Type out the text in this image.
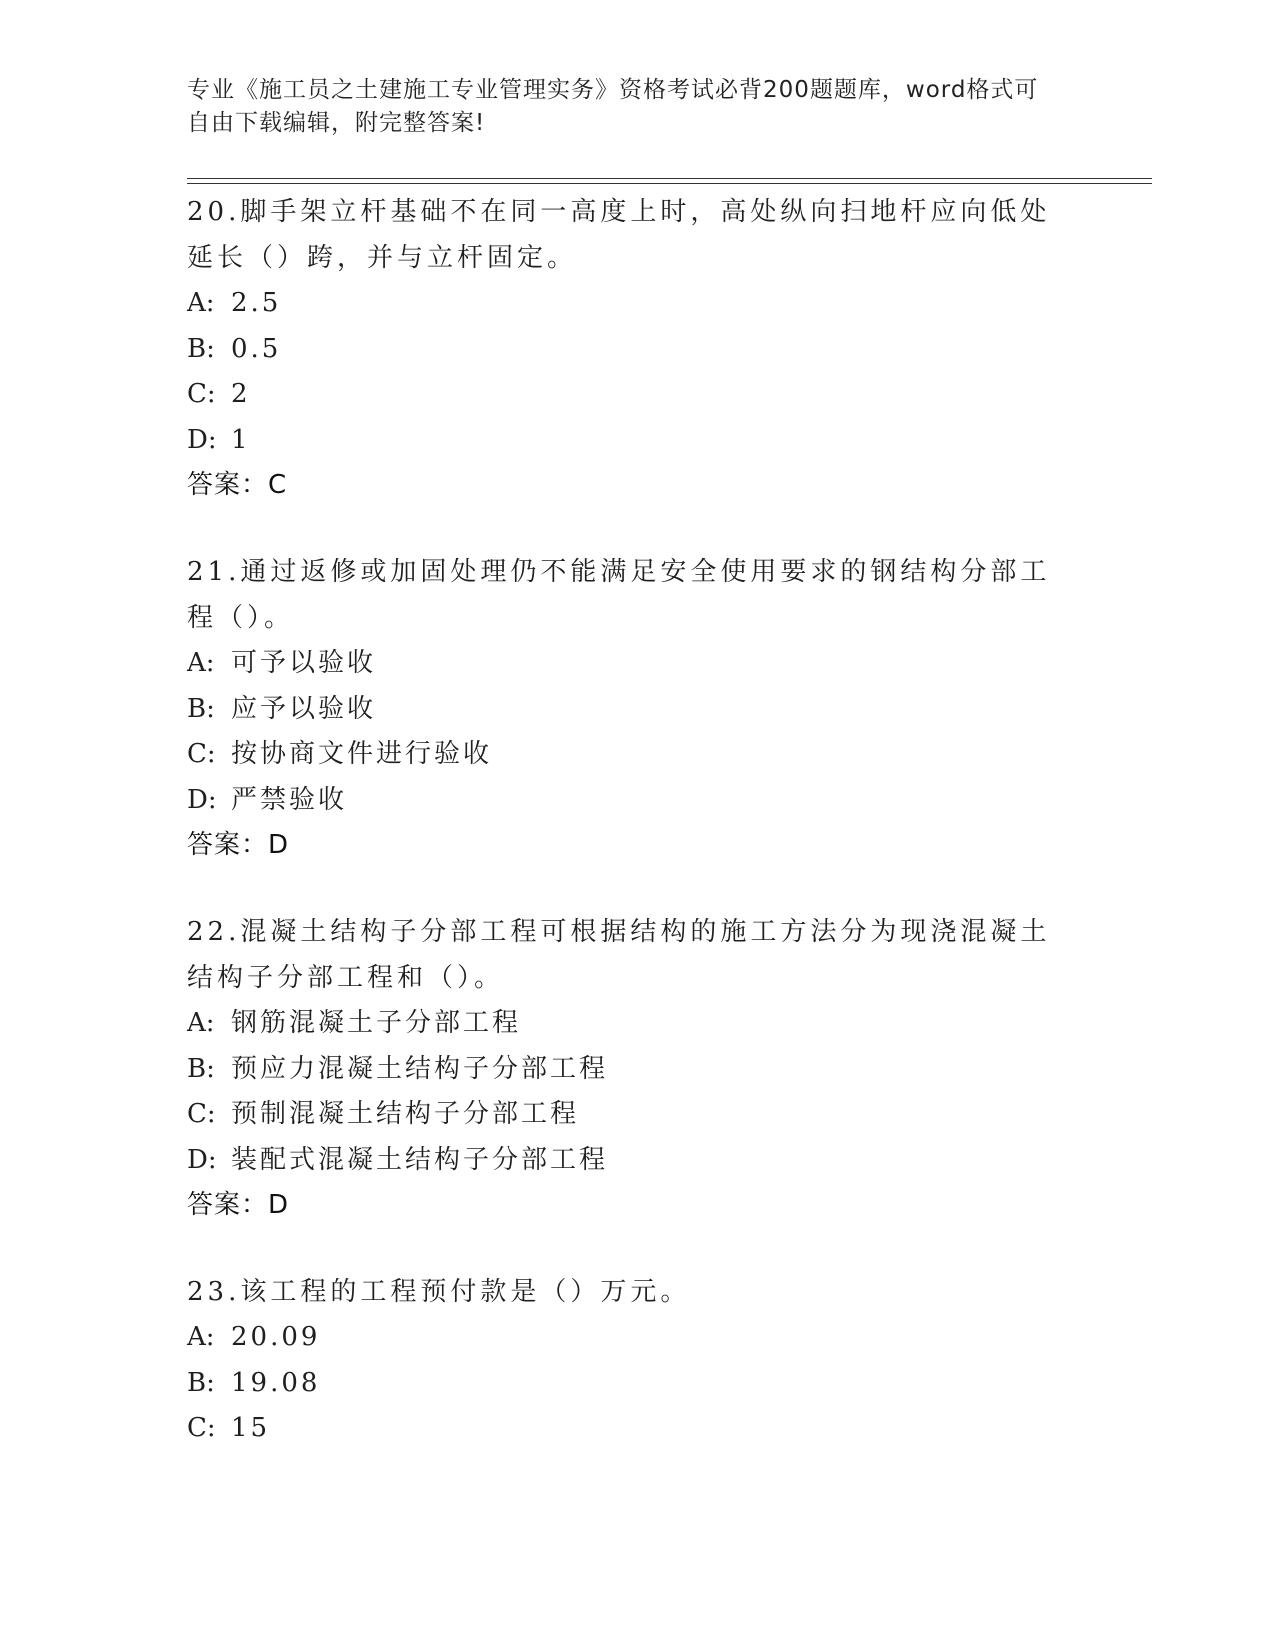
专业《施工员之土建施工专业管理实务》资格考试必背200题题库，word格式可
自由下载编辑，附完整答案!
20.脚手架立杆基础不在同一高度上时，高处纵向扫地杆应向低处延长（）跨，并与立杆固定。
A: 2.5
B: 0.5
C: 2
D: 1
答案：C
21.通过返修或加固处理仍不能满足安全使用要求的钢结构分部工程（）。
A: 可予以验收
B: 应予以验收
C: 按协商文件进行验收
D: 严禁验收
答案：D
22.混凝土结构子分部工程可根据结构的施工方法分为现浇混凝土结构子分部工程和（）。
A: 钢筋混凝土子分部工程
B: 预应力混凝土结构子分部工程
C: 预制混凝土结构子分部工程
D: 装配式混凝土结构子分部工程
答案：D
23.该工程的工程预付款是（）万元。
A: 20.09
B: 19.08
C: 15
